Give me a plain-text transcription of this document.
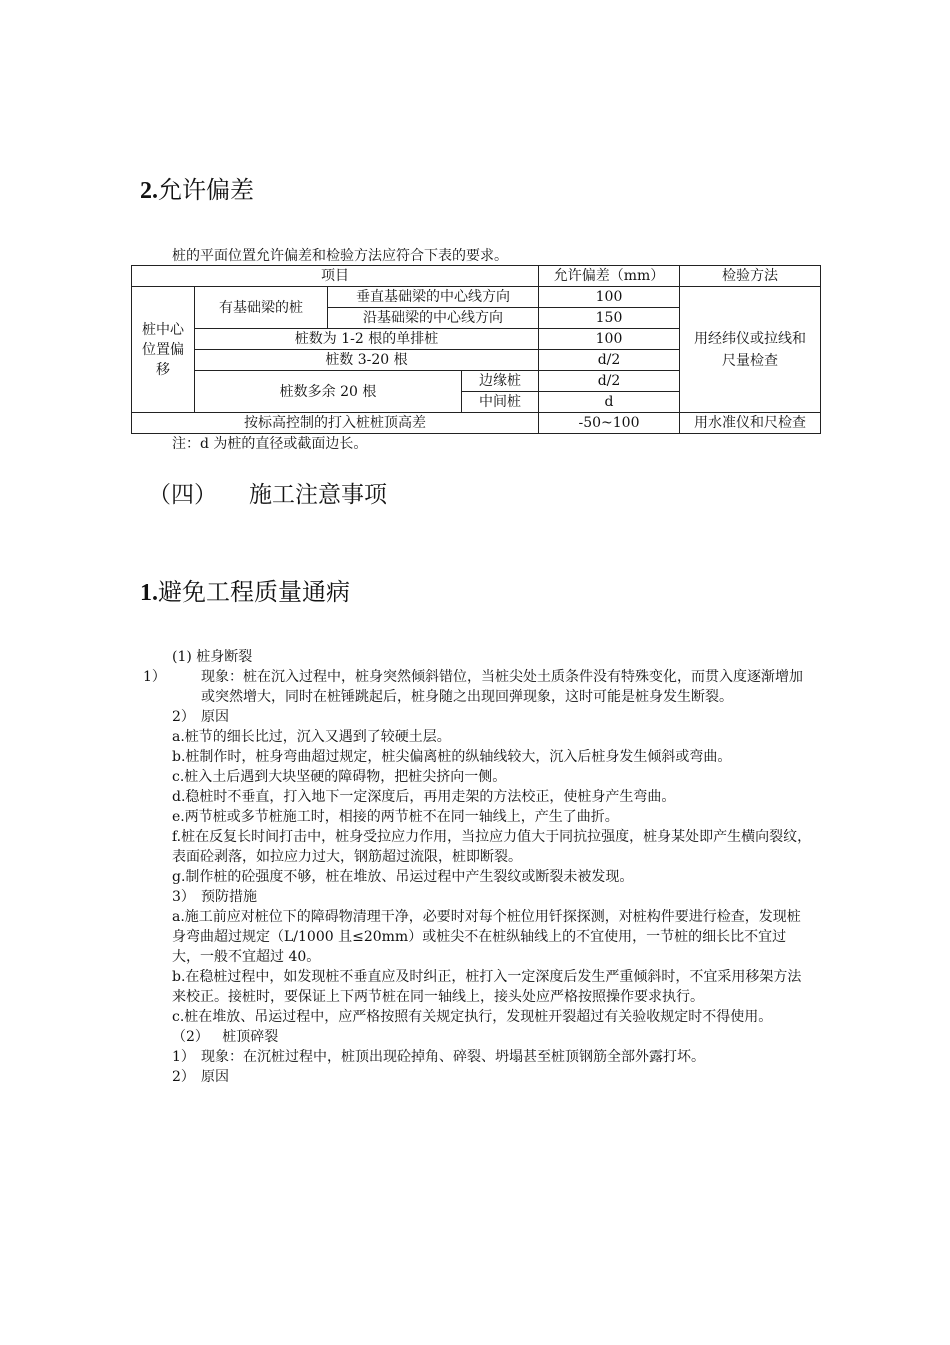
2.允许偏差
桩的平面位置允许偏差和检验方法应符合下表的要求。
项目				允许偏差（mm）	检验方法
桩中心位置偏移	有基础梁的桩	垂直基础梁的中心线方向		100	用经纬仪或拉线和尺量检查
		沿基础梁的中心线方向		150	
	桩数为 1-2 根的单排桩			100	
	桩数 3-20 根			d/2	
	桩数多余 20 根		边缘桩	d/2	
			中间桩	d	
按标高控制的打入桩桩顶高差				-50~100	用水准仪和尺检查
注：d 为桩的直径或截面边长。
（四） 施工注意事项
1.避免工程质量通病

(1) 桩身断裂

1）	现象：桩在沉入过程中，桩身突然倾斜错位，当桩尖处土质条件没有特殊变化，而贯入度逐渐增加或突然增大，同时在桩锤跳起后，桩身随之出现回弹现象，这时可能是桩身发生断裂。

2） 原因

a.桩节的细长比过，沉入又遇到了较硬土层。

b.桩制作时，桩身弯曲超过规定，桩尖偏离桩的纵轴线较大，沉入后桩身发生倾斜或弯曲。

c.桩入土后遇到大块坚硬的障碍物，把桩尖挤向一侧。

d.稳桩时不垂直，打入地下一定深度后，再用走架的方法校正，使桩身产生弯曲。

e.两节桩或多节桩施工时，相接的两节桩不在同一轴线上，产生了曲折。

f.桩在反复长时间打击中，桩身受拉应力作用，当拉应力值大于同抗拉强度，桩身某处即产生横向裂纹，表面砼剥落，如拉应力过大，钢筋超过流限，桩即断裂。

g.制作桩的砼强度不够，桩在堆放、吊运过程中产生裂纹或断裂未被发现。

3） 预防措施

a.施工前应对桩位下的障碍物清理干净，必要时对每个桩位用钎探探测，对桩构件要进行检查，发现桩身弯曲超过规定（L/1000 且≤20mm）或桩尖不在桩纵轴线上的不宜使用，一节桩的细长比不宜过大，一般不宜超过 40。

b.在稳桩过程中，如发现桩不垂直应及时纠正，桩打入一定深度后发生严重倾斜时，不宜采用移架方法来校正。接桩时，要保证上下两节桩在同一轴线上，接头处应严格按照操作要求执行。

c.桩在堆放、吊运过程中，应严格按照有关规定执行，发现桩开裂超过有关验收规定时不得使用。

（2）   桩顶碎裂

1） 现象：在沉桩过程中，桩顶出现砼掉角、碎裂、坍塌甚至桩顶钢筋全部外露打坏。

2） 原因
